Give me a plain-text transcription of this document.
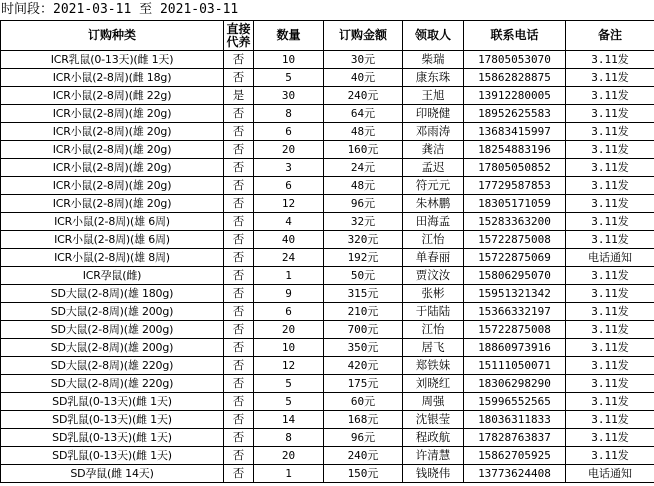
时间段：2021-03-11 至 2021-03-11
订购种类	直接代养	数量	订购金额	领取人	联系电话	备注
ICR乳鼠(0-13天)(雌 1天)	否	10	30元	柴瑞	17805053070	3.11发
ICR小鼠(2-8周)(雌 18g)	否	5	40元	康东珠	15862828875	3.11发
ICR小鼠(2-8周)(雌 22g)	是	30	240元	王旭	13912280005	3.11发
ICR小鼠(2-8周)(雄 20g)	否	8	64元	印晓健	18952625583	3.11发
ICR小鼠(2-8周)(雄 20g)	否	6	48元	邓雨涛	13683415997	3.11发
ICR小鼠(2-8周)(雄 20g)	否	20	160元	龚洁	18254883196	3.11发
ICR小鼠(2-8周)(雄 20g)	否	3	24元	孟迟	17805050852	3.11发
ICR小鼠(2-8周)(雄 20g)	否	6	48元	符元元	17729587853	3.11发
ICR小鼠(2-8周)(雄 20g)	否	12	96元	朱林鹏	18305171059	3.11发
ICR小鼠(2-8周)(雄 6周)	否	4	32元	田海孟	15283363200	3.11发
ICR小鼠(2-8周)(雄 6周)	否	40	320元	江怡	15722875008	3.11发
ICR小鼠(2-8周)(雄 8周)	否	24	192元	单春丽	15722875069	电话通知
ICR孕鼠(雌)	否	1	50元	贾汶汝	15806295070	3.11发
SD大鼠(2-8周)(雄 180g)	否	9	315元	张彬	15951321342	3.11发
SD大鼠(2-8周)(雄 200g)	否	6	210元	于陆陆	15366332197	3.11发
SD大鼠(2-8周)(雄 200g)	否	20	700元	江怡	15722875008	3.11发
SD大鼠(2-8周)(雄 200g)	否	10	350元	居飞	18860973916	3.11发
SD大鼠(2-8周)(雄 220g)	否	12	420元	郑铁妹	15111050071	3.11发
SD大鼠(2-8周)(雄 220g)	否	5	175元	刘晓红	18306298290	3.11发
SD乳鼠(0-13天)(雌 1天)	否	5	60元	周强	15996552565	3.11发
SD乳鼠(0-13天)(雌 1天)	否	14	168元	沈银莹	18036311833	3.11发
SD乳鼠(0-13天)(雌 1天)	否	8	96元	程政航	17828763837	3.11发
SD乳鼠(0-13天)(雌 1天)	否	20	240元	许清慧	15862705925	3.11发
SD孕鼠(雌 14天)	否	1	150元	钱晓伟	13773624408	电话通知
